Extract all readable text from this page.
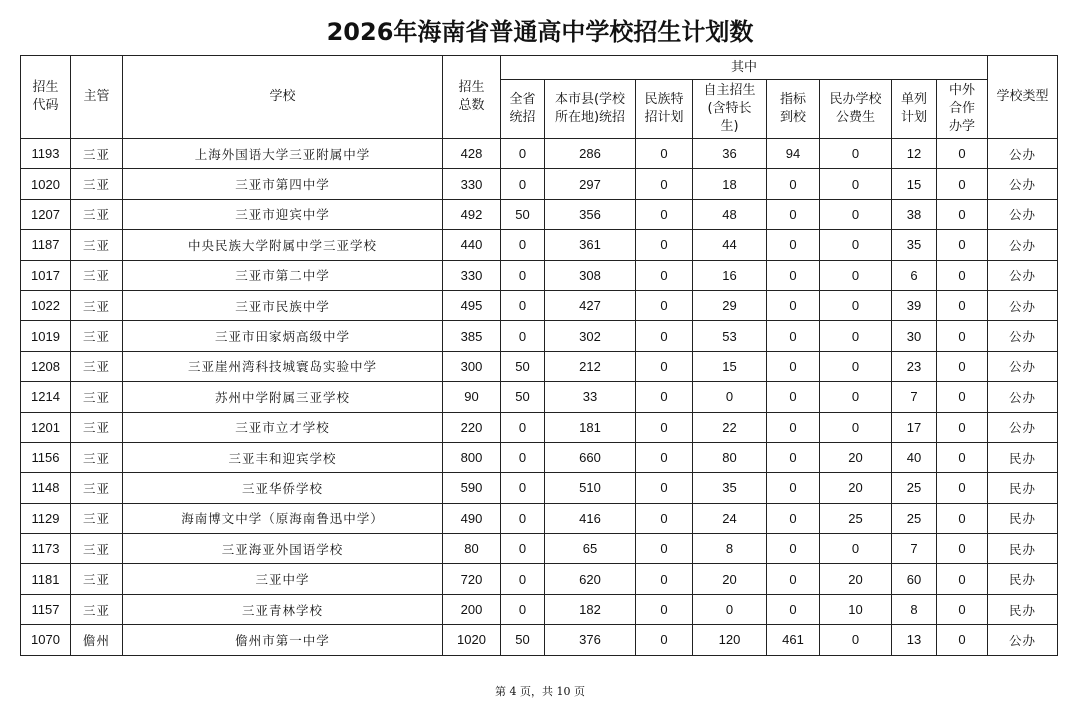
2026年海南省普通高中学校招生计划数
招生代码	主管	学校	招生总数	其中								学校类型
				全省统招	本市县(学校所在地)统招	民族特招计划	自主招生(含特长生)	指标到校	民办学校公费生	单列计划	中外合作办学	
1193	三亚	上海外国语大学三亚附属中学	428	0	286	0	36	94	0	12	0	公办
1020	三亚	三亚市第四中学	330	0	297	0	18	0	0	15	0	公办
1207	三亚	三亚市迎宾中学	492	50	356	0	48	0	0	38	0	公办
1187	三亚	中央民族大学附属中学三亚学校	440	0	361	0	44	0	0	35	0	公办
1017	三亚	三亚市第二中学	330	0	308	0	16	0	0	6	0	公办
1022	三亚	三亚市民族中学	495	0	427	0	29	0	0	39	0	公办
1019	三亚	三亚市田家炳高级中学	385	0	302	0	53	0	0	30	0	公办
1208	三亚	三亚崖州湾科技城寰岛实验中学	300	50	212	0	15	0	0	23	0	公办
1214	三亚	苏州中学附属三亚学校	90	50	33	0	0	0	0	7	0	公办
1201	三亚	三亚市立才学校	220	0	181	0	22	0	0	17	0	公办
1156	三亚	三亚丰和迎宾学校	800	0	660	0	80	0	20	40	0	民办
1148	三亚	三亚华侨学校	590	0	510	0	35	0	20	25	0	民办
1129	三亚	海南博文中学（原海南鲁迅中学）	490	0	416	0	24	0	25	25	0	民办
1173	三亚	三亚海亚外国语学校	80	0	65	0	8	0	0	7	0	民办
1181	三亚	三亚中学	720	0	620	0	20	0	20	60	0	民办
1157	三亚	三亚青林学校	200	0	182	0	0	0	10	8	0	民办
1070	儋州	儋州市第一中学	1020	50	376	0	120	461	0	13	0	公办
第 4 页，共 10 页
